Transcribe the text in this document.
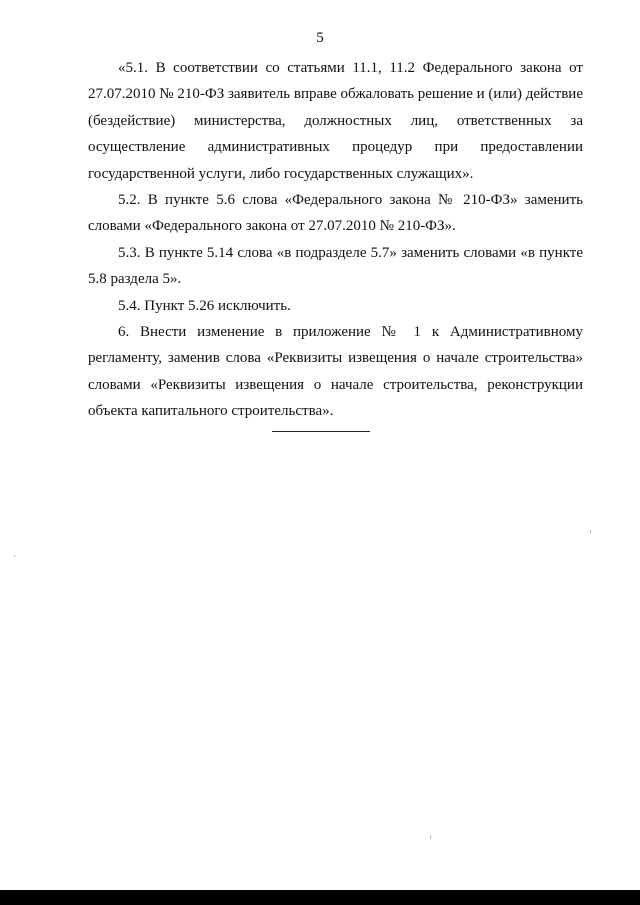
5

«5.1. В соответствии со статьями 11.1, 11.2 Федерального закона от 27.07.2010 № 210-ФЗ заявитель вправе обжаловать решение и (или) действие (бездействие) министерства, должностных лиц, ответственных за осуществление административных процедур при предоставлении государственной услуги, либо государственных служащих».

5.2. В пункте 5.6 слова «Федерального закона № 210-ФЗ» заменить словами «Федерального закона от 27.07.2010 № 210-ФЗ».

5.3. В пункте 5.14 слова «в подразделе 5.7» заменить словами «в пункте 5.8 раздела 5».

5.4. Пункт 5.26 исключить.

6. Внести изменение в приложение № 1 к Административному регламенту, заменив слова «Реквизиты извещения о начале строительства» словами «Реквизиты извещения о начале строительства, реконструкции объекта капитального строительства».
